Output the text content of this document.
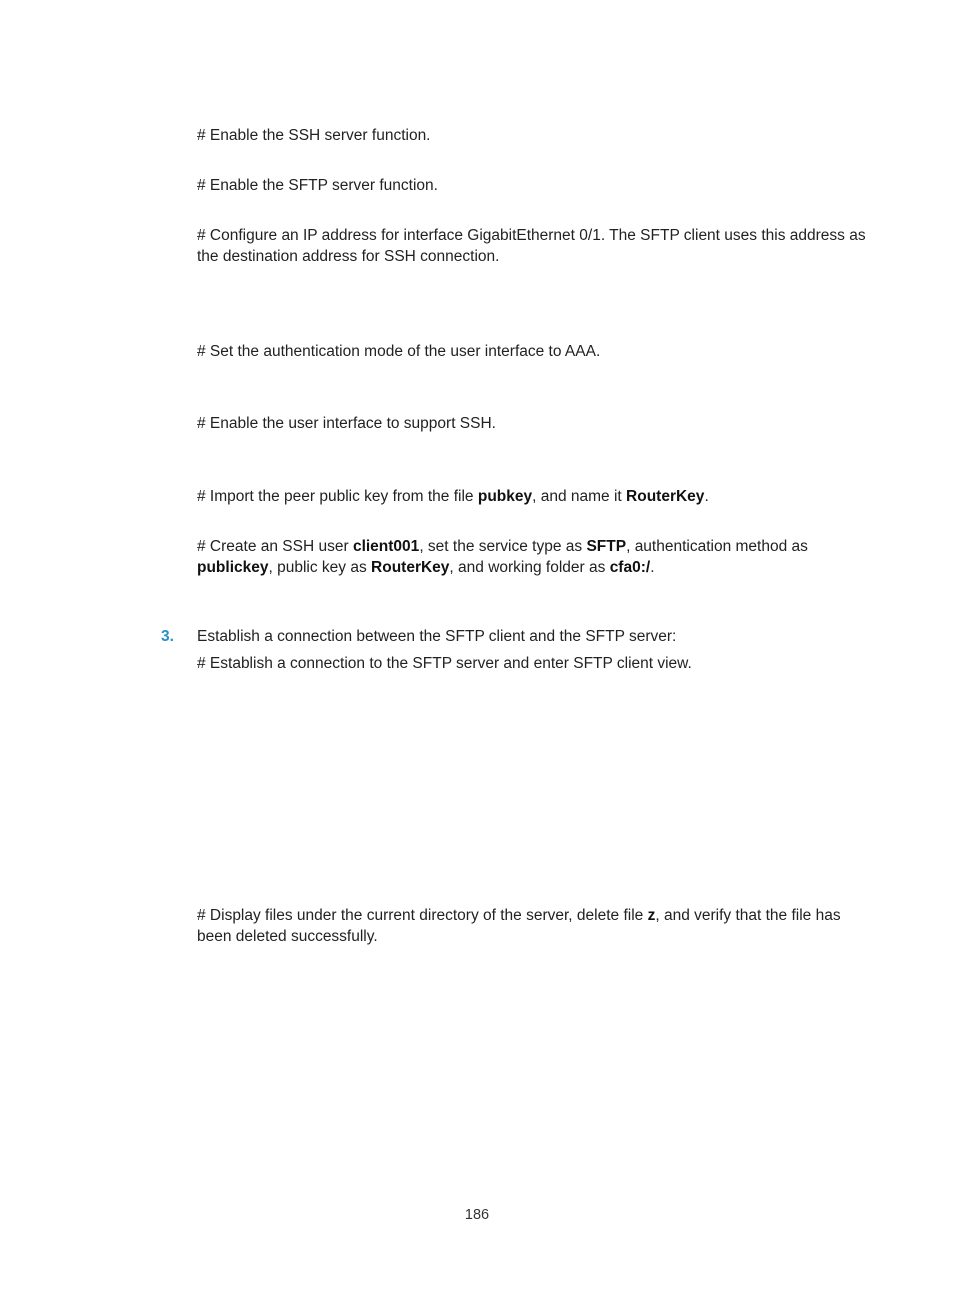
# Enable the SSH server function.

# Enable the SFTP server function.

# Configure an IP address for interface GigabitEthernet 0/1. The SFTP client uses this address as the destination address for SSH connection.

# Set the authentication mode of the user interface to AAA.

# Enable the user interface to support SSH.

# Import the peer public key from the file pubkey, and name it RouterKey.

# Create an SSH user client001, set the service type as SFTP, authentication method as publickey, public key as RouterKey, and working folder as cfa0:/.

3. Establish a connection between the SFTP client and the SFTP server:

# Establish a connection to the SFTP server and enter SFTP client view.

# Display files under the current directory of the server, delete file z, and verify that the file has been deleted successfully.

186
